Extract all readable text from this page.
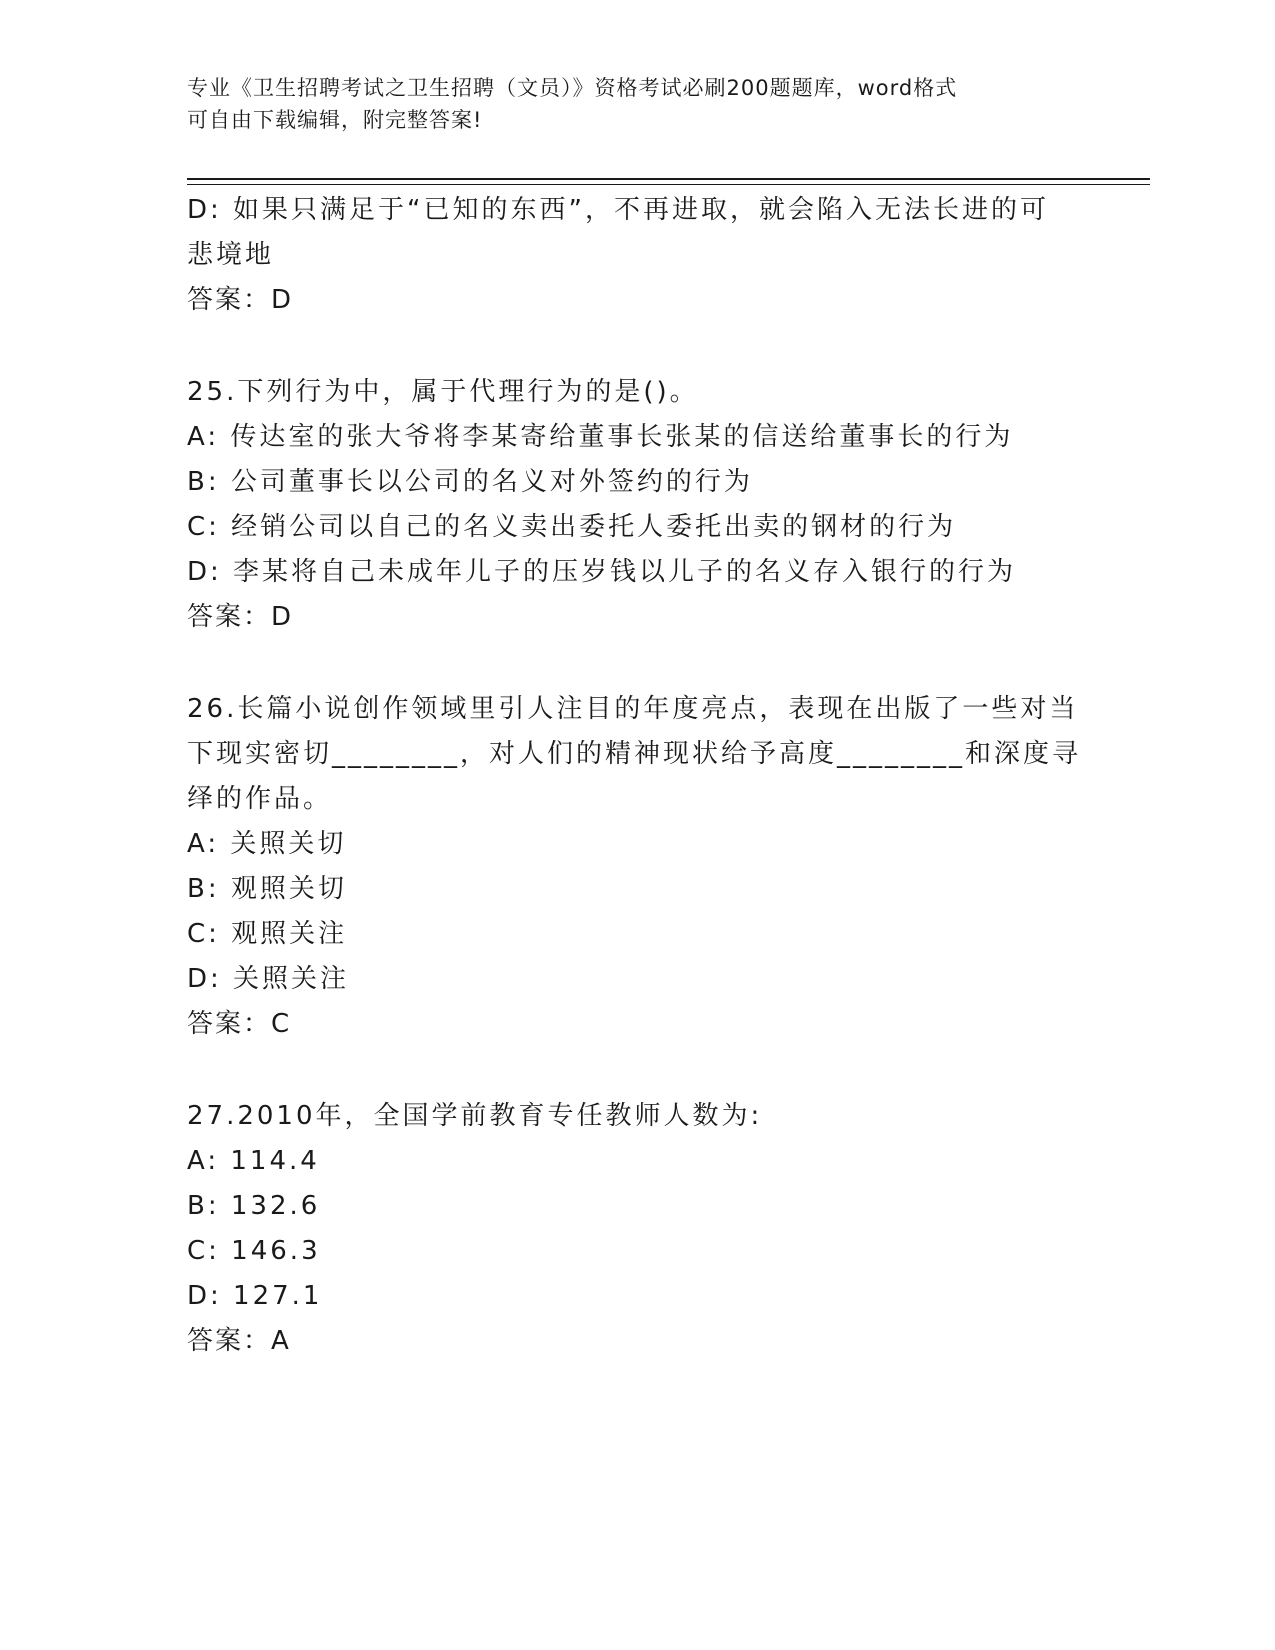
专业《卫生招聘考试之卫生招聘（文员）》资格考试必刷200题题库，word格式
可自由下载编辑，附完整答案!
D: 如果只满足于“已知的东西”，不再进取，就会陷入无法长进的可
悲境地
答案：D
25.下列行为中，属于代理行为的是()。
A: 传达室的张大爷将李某寄给董事长张某的信送给董事长的行为
B: 公司董事长以公司的名义对外签约的行为
C: 经销公司以自己的名义卖出委托人委托出卖的钢材的行为
D: 李某将自己未成年儿子的压岁钱以儿子的名义存入银行的行为
答案：D
26.长篇小说创作领域里引人注目的年度亮点，表现在出版了一些对当
下现实密切________，对人们的精神现状给予高度________和深度寻
绎的作品。
A: 关照关切
B: 观照关切
C: 观照关注
D: 关照关注
答案：C
27.2010年，全国学前教育专任教师人数为:
A: 114.4
B: 132.6
C: 146.3
D: 127.1
答案：A
